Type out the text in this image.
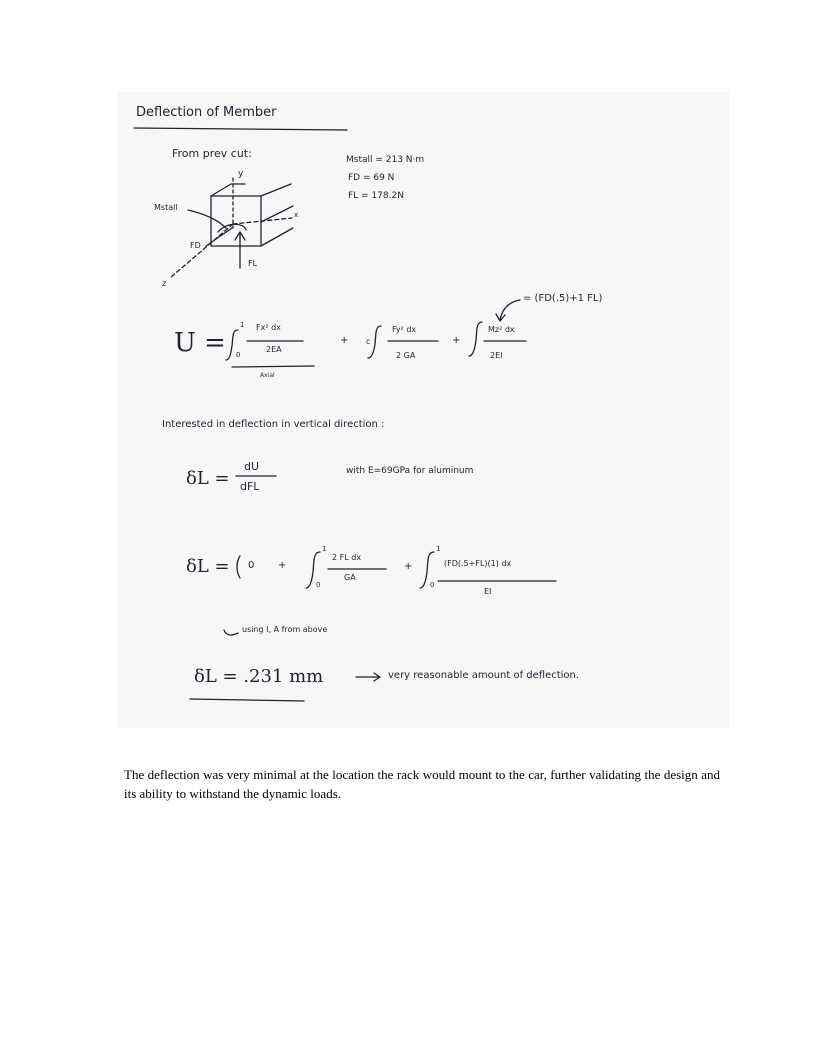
Deflection of Member
From prev cut:
y
x
z
Mstall
FD
FL
Mstall = 213 N·m
FD = 69 N
FL = 178.2N
= (FD(.5)+1 FL)
U =
1
0
Fx² dx
2EA
Axial
+ c
Fy² dx
2 GA
+
Mz² dx
2EI
Interested in deflection in vertical direction :
δL =
dU
dFL
with E=69GPa for aluminum
δL = 0 +
1
0
2 FL dx
GA
+
1
0
(FD(.5+FL)(1) dx
EI
using I, A from above
δL = .231 mm	very reasonable amount of deflection.

The deflection was very minimal at the location the rack would mount to the car, further validating the design and its ability to withstand the dynamic loads.
